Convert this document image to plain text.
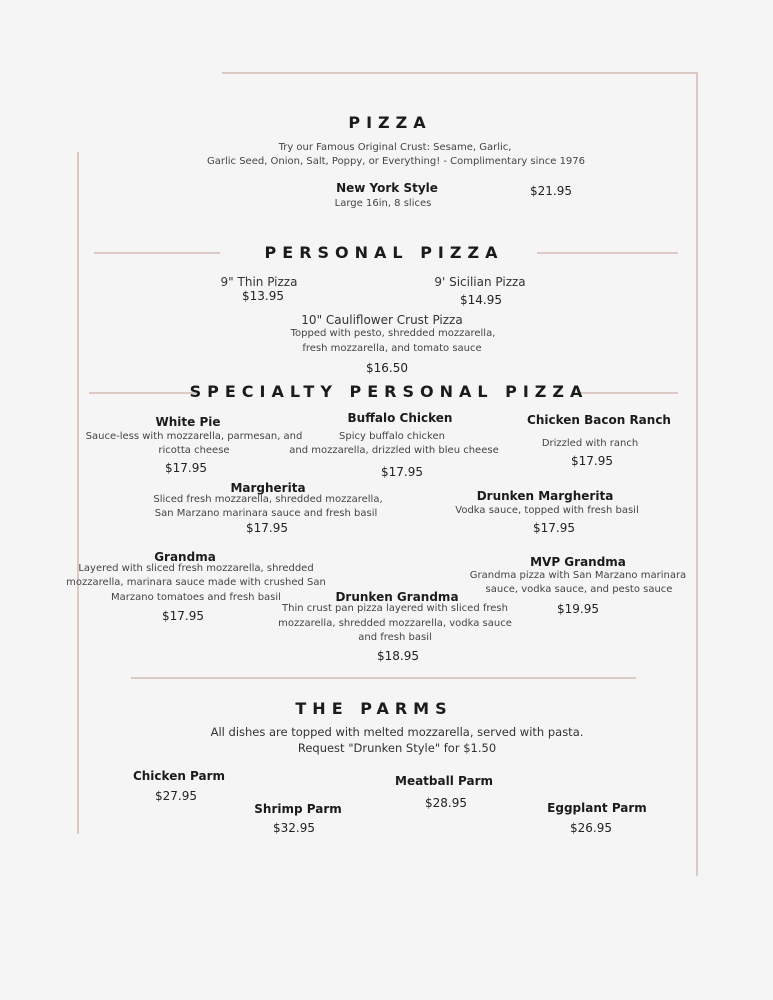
PIZZA
Try our Famous Original Crust: Sesame, Garlic,
Garlic Seed, Onion, Salt, Poppy, or Everything! - Complimentary since 1976
New York Style
Large 16in, 8 slices
$21.95
PERSONAL PIZZA
9" Thin Pizza
$13.95
9' Sicilian Pizza
$14.95
10" Cauliflower Crust Pizza
Topped with pesto, shredded mozzarella,
fresh mozzarella, and tomato sauce
$16.50
SPECIALTY PERSONAL PIZZA
White Pie
Sauce-less with mozzarella, parmesan, and
ricotta cheese
$17.95
Buffalo Chicken
Spicy buffalo chicken
and mozzarella, drizzled with bleu cheese
$17.95
Chicken Bacon Ranch
Drizzled with ranch
$17.95
Margherita
Sliced fresh mozzarella, shredded mozzarella,
San Marzano marinara sauce and fresh basil
$17.95
Drunken Margherita
Vodka sauce, topped with fresh basil
$17.95
Grandma
Layered with sliced fresh mozzarella, shredded
mozzarella, marinara sauce made with crushed San
Marzano tomatoes and fresh basil
$17.95
MVP Grandma
Grandma pizza with San Marzano marinara
sauce, vodka sauce, and pesto sauce
$19.95
Drunken Grandma
Thin crust pan pizza layered with sliced fresh
mozzarella, shredded mozzarella, vodka sauce
and fresh basil
$18.95
THE PARMS
All dishes are topped with melted mozzarella, served with pasta.
Request "Drunken Style" for $1.50
Chicken Parm
$27.95
Meatball Parm
$28.95
Shrimp Parm
$32.95
Eggplant Parm
$26.95
